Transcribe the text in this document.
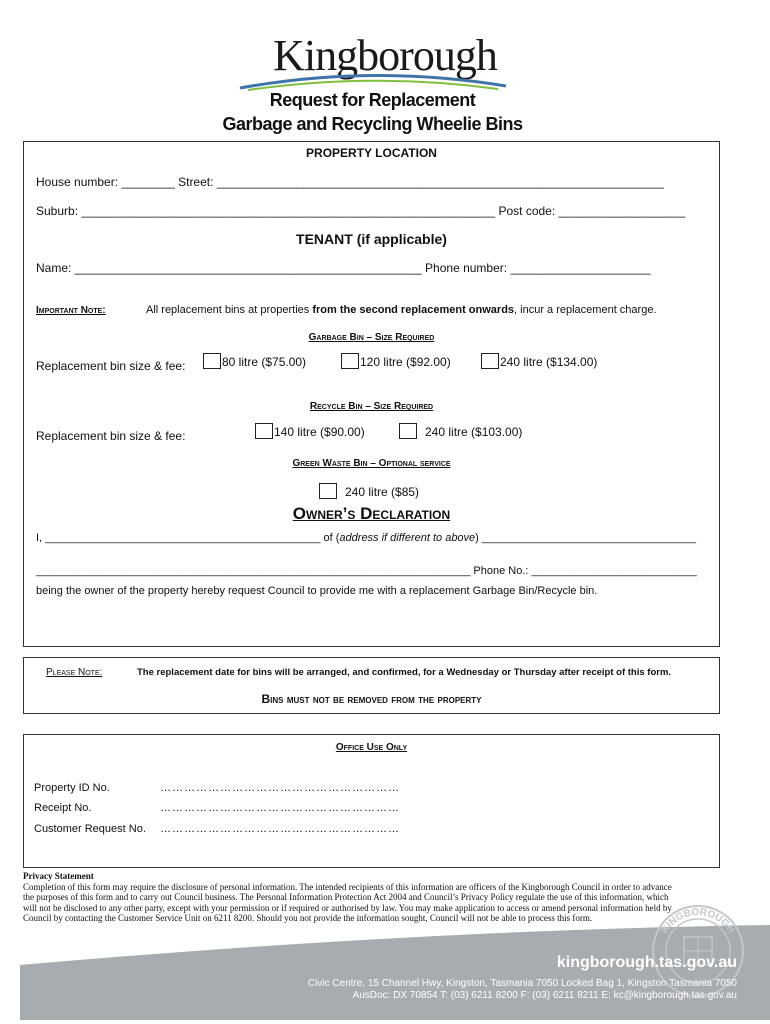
Kingborough
Request for Replacement
Garbage and Recycling Wheelie Bins
PROPERTY LOCATION
House number: ________ Street: ___________________________________________________________________
Suburb: ______________________________________________________________ Post code: ___________________
TENANT (if applicable)
Name: ____________________________________________________ Phone number: _____________________
Important Note:	All replacement bins at properties from the second replacement onwards, incur a replacement charge.
Garbage Bin – Size Required
Replacement bin size & fee:	80 litre ($75.00)	120 litre ($92.00)	240 litre ($134.00)
Recycle Bin – Size Required
Replacement bin size & fee:	140 litre ($90.00)	240 litre ($103.00)
Green Waste Bin – Optional service
240 litre ($85)
Owner’s Declaration
I, _____________________________________________ of (address if different to above) ___________________________________
_______________________________________________________________________ Phone No.: ___________________________
being the owner of the property hereby request Council to provide me with a replacement Garbage Bin/Recycle bin.
Please Note:	The replacement date for bins will be arranged, and confirmed, for a Wednesday or Thursday after receipt of this form.
Bins must not be removed from the property
Office Use Only
Property ID No.	……………………………………………………
Receipt No.	……………………………………………………
Customer Request No. ……………………………………………………
Privacy Statement
Completion of this form may require the disclosure of personal information. The intended recipients of this information are officers of the Kingborough Council in order to advance the purposes of this form and to carry out Council business. The Personal Information Protection Act 2004 and Council’s Privacy Policy regulate the use of this information, which will not be disclosed to any other party, except with your permission or if required or authorised by law. You may make application to access or amend personal information held by Council by contacting the Customer Service Unit on 6211 8200. Should you not provide the information sought, Council will not be able to process this form.
KINGBOROUGH
kingborough.tas.gov.au
Civic Centre, 15 Channel Hwy, Kingston, Tasmania 7050 Locked Bag 1, Kingston Tasmania 7050
AusDoc: DX 70854 T: (03) 6211 8200 F: (03) 6211 8211 E: kc@kingborough.tas.gov.au
